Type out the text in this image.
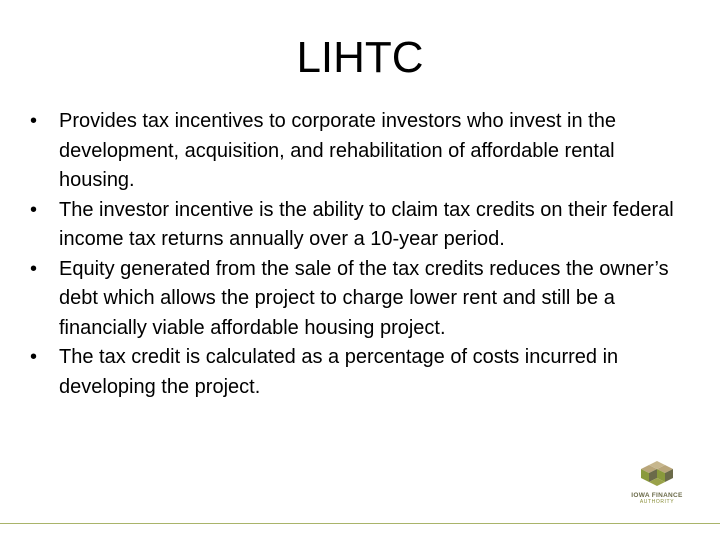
LIHTC
• Provides tax incentives to corporate investors who invest in the development, acquisition, and rehabilitation of affordable rental housing.
• The investor incentive is the ability to claim tax credits on their federal income tax returns annually over a 10-year period.
• Equity generated from the sale of the tax credits reduces the owner’s debt which allows the project to charge lower rent and still be a financially viable affordable housing project.
• The tax credit is calculated as a percentage of costs incurred in developing the project.
IOWA FINANCE
AUTHORITY
